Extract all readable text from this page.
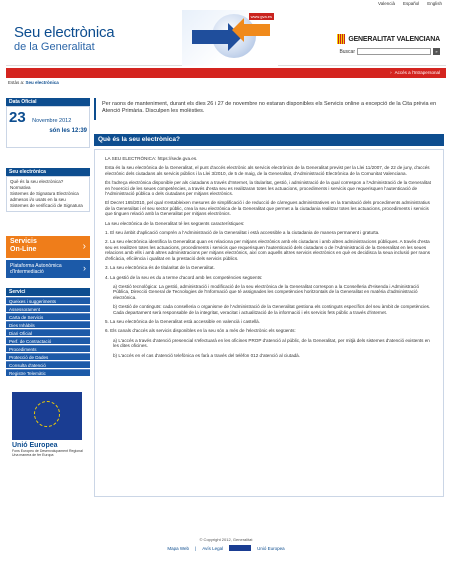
Valencià Español English
Seu electrònica
de la Generalitat
www.gva.es
GENERALITAT VALENCIANA
Buscar	»
› Accés a l'Intrapersonal
Estàs a: Seu electrònica
Data Oficial
23 Novembre 2012
són les 12:39
Seu electrònica
Què és la seu electrònica?
Normativa
Sistemes de Signatura Electrònica admesos i/o usats en la seu
Sistemes de verificació de Signatura
Servicis
On-Line	›
Plataforma Autonòmica
d'Intermediació	›
Servici
Queixes i suggeriments
Assessorament
Carta de Servicis
Dies Inhàbils
Diari Oficial
Perf. de Contractació
Procediments
Protecció de Dades
Consulta d'atenció
Registre Telemàtic
Unió Europea
Fons Europeu de Desenvolupament Regional Una manera de fer Europa
Per raons de manteniment, durant els dies 26 i 27 de novembre no estaran disponibles els Servicis online a excepció de la Cita prèvia en Atenció Primària. Disculpen les molèsties.
Què és la seu electrònica?

LA SEU ELECTRÒNICA: https://sede.gva.es.

Esta és la seu electrònica de la Generalitat, el punt d'accés electrònic als servicis electrònics de la Generalitat previst per la Llei 11/2007, de 22 de juny, d'accés electrònic dels ciutadans als servicis públics i la Llei 3/2010, de 5 de maig, de la Generalitat, d'Administració Electrònica de la Comunitat Valenciana.

És l'adreça electrònica disponible per als ciutadans a través d'Internet, la titularitat, gestió, i administració de la qual correspon a l'Administració de la Generalitat en l'exercici de les seues competències, a través d'esta seu es realitzaran totes les actuacions, procediments i servicis que requerisquen l'autenticació de l'Administració pública o dels ciutadans per mitjans electrònics.

El Decret 165/2010, pel qual s'estableixen mesures de simplificació i de reducció de càrregues administratives en la tramitació dels procediments administratius de la Generalitat i el seu sector públic, crea la seu electrònica de la Generalitat que permet a la ciutadania realitzar totes les actuacions, procediments i servicis que tinguen relació amb la Generalitat per mitjans electrònics.

La seu electrònica de la Generalitat té les següents característiques:

1. El seu àmbit d'aplicació comprén a l'Administració de la Generalitat i està accessible a la ciutadania de manera permanent i gratuïta.

2. La seu electrònica identifica la Generalitat quan es relaciona per mitjans electrònics amb els ciutadans i amb altres administracions públiques. A través d'esta seu es realitzen totes les actuacions, procediments i servicis que requerisquen l'autenticació dels ciutadans o de l'Administració de la Generalitat en les seues relacions amb ells i amb altres administracions per mitjans electrònics, així com aquells altres servicis electrònics en què es decidisca la seua inclusió per raons d'eficàcia, eficiència i qualitat en la prestació dels servicis públics.

3. La seu electrònica és de titularitat de la Generalitat.

4. La gestió de la seu es du a terme d'acord amb les competències següents:

a) Gestió tecnològica: La gestió, administració i modificació de la seu electrònica de la Generalitat correspon a la Conselleria d'Hisenda i Administració Pública, Direcció General de Tecnologies de l'Informació que té assignades les competències horitzontals de la Generalitat en matèria d'administració electrònica.

b) Gestió de continguts: cada conselleria o organisme de l'Administració de la Generalitat gestiona els continguts específics del seu àmbit de competències. Cada departament serà responsable de la integritat, veracitat i actualització de la informació i els servicis fets públic a través d'internet.

5. La seu electrònica de la Generalitat està accessible en valencià i castellà.

6. Els canals d'accés als servicis disponibles en la seu són a més de l'electrònic els següents:

a) L'accés a través d'atenció presencial s'efectuarà en les oficines PROP d'atenció al públic, de la Generalitat, per mitjà dels sistemes d'atenció existents en les dites oficines.

b) L'accés en el cas d'atenció telefònica es farà a través del telèfon 012 d'atenció al ciutadà.

© Copyright 2012, Generalitat
Mapa Web | Avís Legal	Unió Europea
